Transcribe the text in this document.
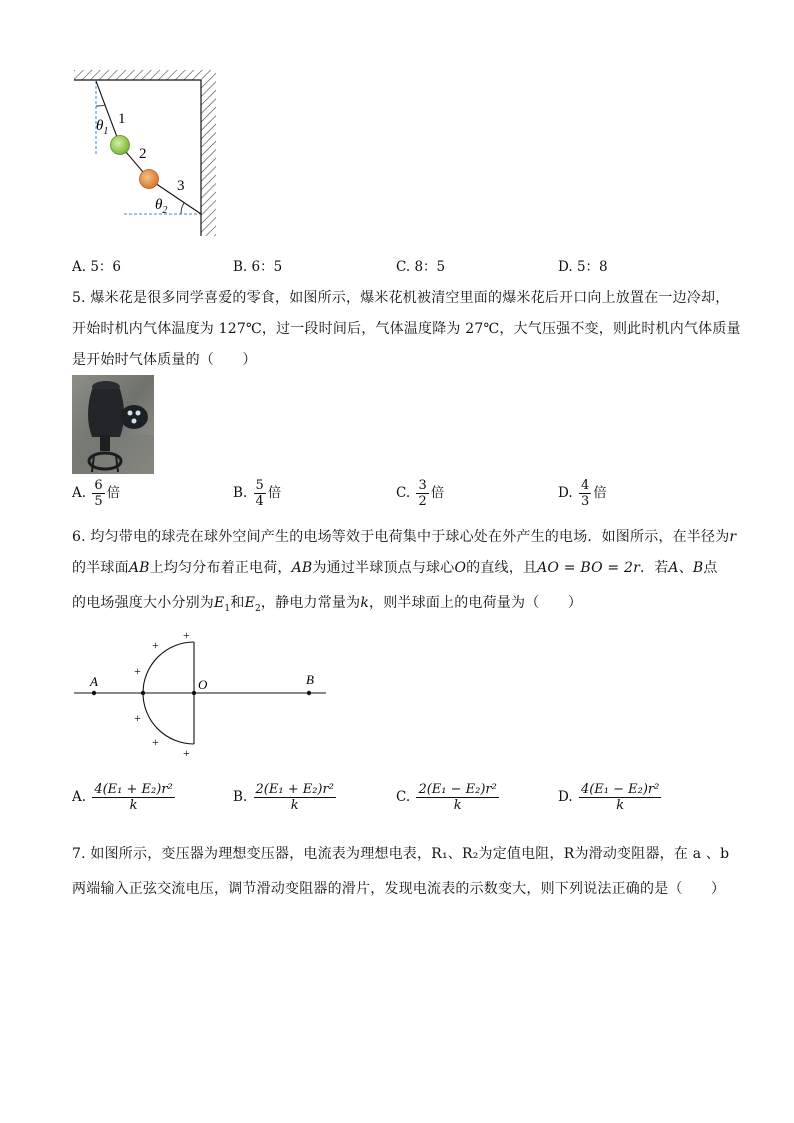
1
2
3
$\theta_1$
$\theta_2$
A. 5：6	B. 6：5	C. 8：5	D. 5：8
5. 爆米花是很多同学喜爱的零食，如图所示，爆米花机被清空里面的爆米花后开口向上放置在一边冷却，
开始时机内气体温度为 127℃，过一段时间后，气体温度降为 27℃，大气压强不变，则此时机内气体质量
是开始时气体质量的（　　）
A. $\frac{6}{5}$ 倍	B. $\frac{5}{4}$ 倍	C. $\frac{3}{2}$ 倍	D. $\frac{4}{3}$ 倍
6. 均匀带电的球壳在球外空间产生的电场等效于电荷集中于球心处在外产生的电场．如图所示，在半径为r
的半球面AB上均匀分布着正电荷，AB为通过半球顶点与球心O的直线，且AO = BO = 2r．若A、B点
的电场强度大小分别为$E_1$和$E_2$，静电力常量为k，则半球面上的电荷量为（　　）
A	O	B
+
+
+
+
+
+
A. $\frac{\text{4(E₁ + E₂)r²}}{k}$	B. $\frac{\text{2(E₁ + E₂)r²}}{k}$	C. $\frac{\text{2(E₁ − E₂)r²}}{k}$	D. $\frac{\text{4(E₁ − E₂)r²}}{k}$
7. 如图所示，变压器为理想变压器，电流表为理想电表，R₁、R₂为定值电阻，R为滑动变阻器，在 a 、b
两端输入正弦交流电压，调节滑动变阻器的滑片，发现电流表的示数变大，则下列说法正确的是（　　）
